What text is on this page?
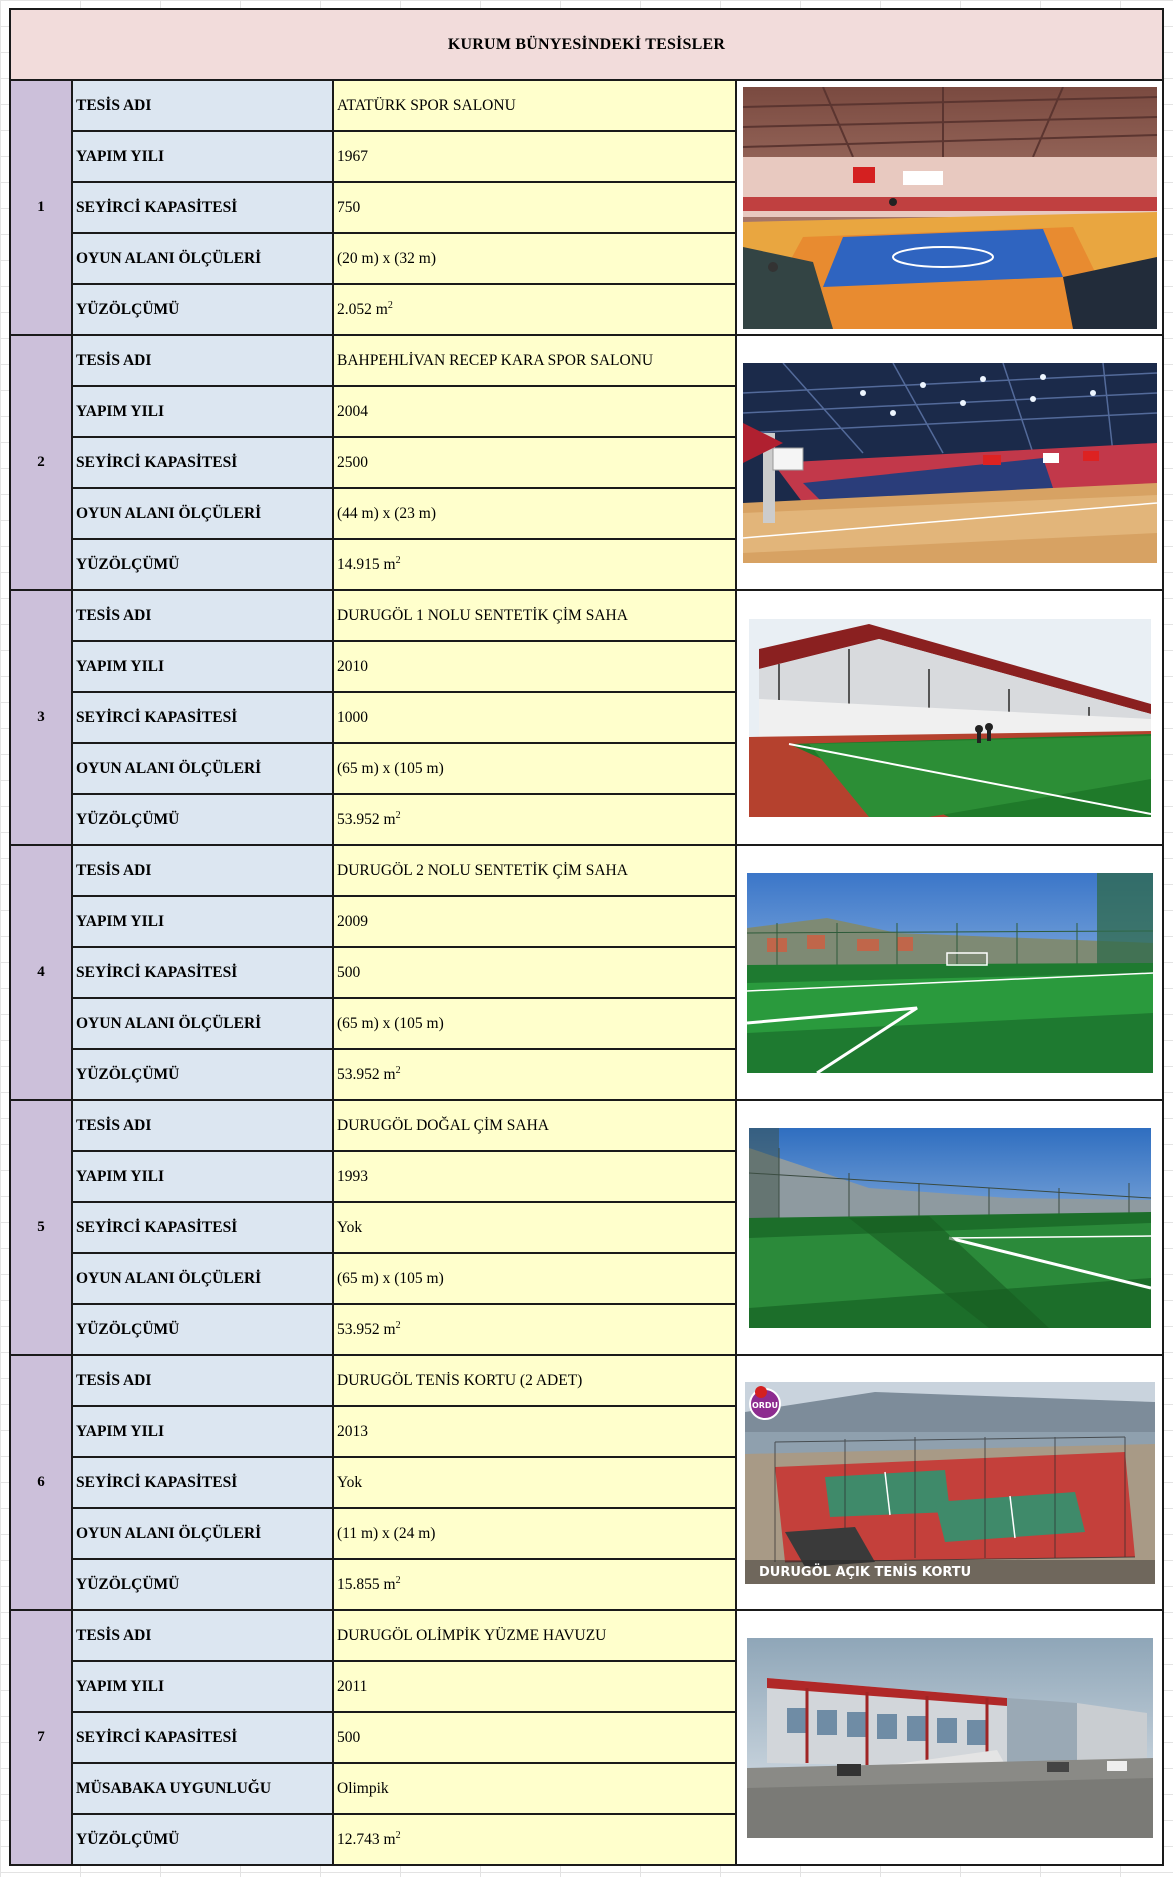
KURUM BÜNYESİNDEKİ TESİSLER			
1	TESİS ADI	ATATÜRK SPOR SALONU	

	YAPIM YILI	1967	
	SEYİRCİ KAPASİTESİ	750	
	OYUN ALANI ÖLÇÜLERİ	(20 m) x (32 m)	
	YÜZÖLÇÜMÜ	2.052 $m^2$
2	TESİS ADI	BAHPEHLİVAN RECEP KARA SPOR SALONU	

	YAPIM YILI	2004	
	SEYİRCİ KAPASİTESİ	2500	
	OYUN ALANI ÖLÇÜLERİ	(44 m) x (23 m)	
	YÜZÖLÇÜMÜ	14.915 $m^2$
3	TESİS ADI	DURUGÖL 1 NOLU SENTETİK ÇİM SAHA	

	YAPIM YILI	2010	
	SEYİRCİ KAPASİTESİ	1000	
	OYUN ALANI ÖLÇÜLERİ	(65 m) x (105 m)	
	YÜZÖLÇÜMÜ	53.952 $m^2$
4	TESİS ADI	DURUGÖL 2 NOLU SENTETİK ÇİM SAHA	

	YAPIM YILI	2009	
	SEYİRCİ KAPASİTESİ	500	
	OYUN ALANI ÖLÇÜLERİ	(65 m) x (105 m)	
	YÜZÖLÇÜMÜ	53.952 $m^2$
5	TESİS ADI	DURUGÖL DOĞAL ÇİM SAHA	

	YAPIM YILI	1993	
	SEYİRCİ KAPASİTESİ	Yok	
	OYUN ALANI ÖLÇÜLERİ	(65 m) x (105 m)	
	YÜZÖLÇÜMÜ	53.952 $m^2$
6	TESİS ADI	DURUGÖL TENİS KORTU (2 ADET)	ORDU
DURUGÖL AÇIK TENİS KORTU

	YAPIM YILI	2013	
	SEYİRCİ KAPASİTESİ	Yok	
	OYUN ALANI ÖLÇÜLERİ	(11 m) x (24 m)	
	YÜZÖLÇÜMÜ	15.855 $m^2$
7	TESİS ADI	DURUGÖL OLİMPİK YÜZME HAVUZU	

	YAPIM YILI	2011	
	SEYİRCİ KAPASİTESİ	500	
	MÜSABAKA UYGUNLUĞU	Olimpik	
	YÜZÖLÇÜMÜ	12.743 $m^2$
